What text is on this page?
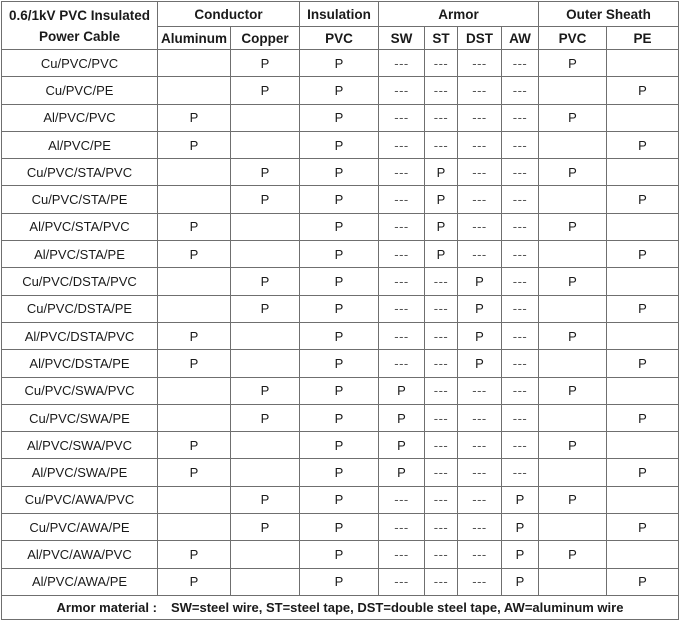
0.6/1kV PVC Insulated
Power Cable	Conductor		Insulation	Armor				Outer Sheath	
	Aluminum	Copper	PVC	SW	ST	DST	AW	PVC	PE
Cu/PVC/PVC		P	P	---	---	---	---	P	
Cu/PVC/PE		P	P	---	---	---	---		P
Al/PVC/PVC	P		P	---	---	---	---	P	
Al/PVC/PE	P		P	---	---	---	---		P
Cu/PVC/STA/PVC		P	P	---	P	---	---	P	
Cu/PVC/STA/PE		P	P	---	P	---	---		P
Al/PVC/STA/PVC	P		P	---	P	---	---	P	
Al/PVC/STA/PE	P		P	---	P	---	---		P
Cu/PVC/DSTA/PVC		P	P	---	---	P	---	P	
Cu/PVC/DSTA/PE		P	P	---	---	P	---		P
Al/PVC/DSTA/PVC	P		P	---	---	P	---	P	
Al/PVC/DSTA/PE	P		P	---	---	P	---		P
Cu/PVC/SWA/PVC		P	P	P	---	---	---	P	
Cu/PVC/SWA/PE		P	P	P	---	---	---		P
Al/PVC/SWA/PVC	P		P	P	---	---	---	P	
Al/PVC/SWA/PE	P		P	P	---	---	---		P
Cu/PVC/AWA/PVC		P	P	---	---	---	P	P	
Cu/PVC/AWA/PE		P	P	---	---	---	P		P
Al/PVC/AWA/PVC	P		P	---	---	---	P	P	
Al/PVC/AWA/PE	P		P	---	---	---	P		P
Armor material : SW=steel wire, ST=steel tape, DST=double steel tape, AW=aluminum wire									
